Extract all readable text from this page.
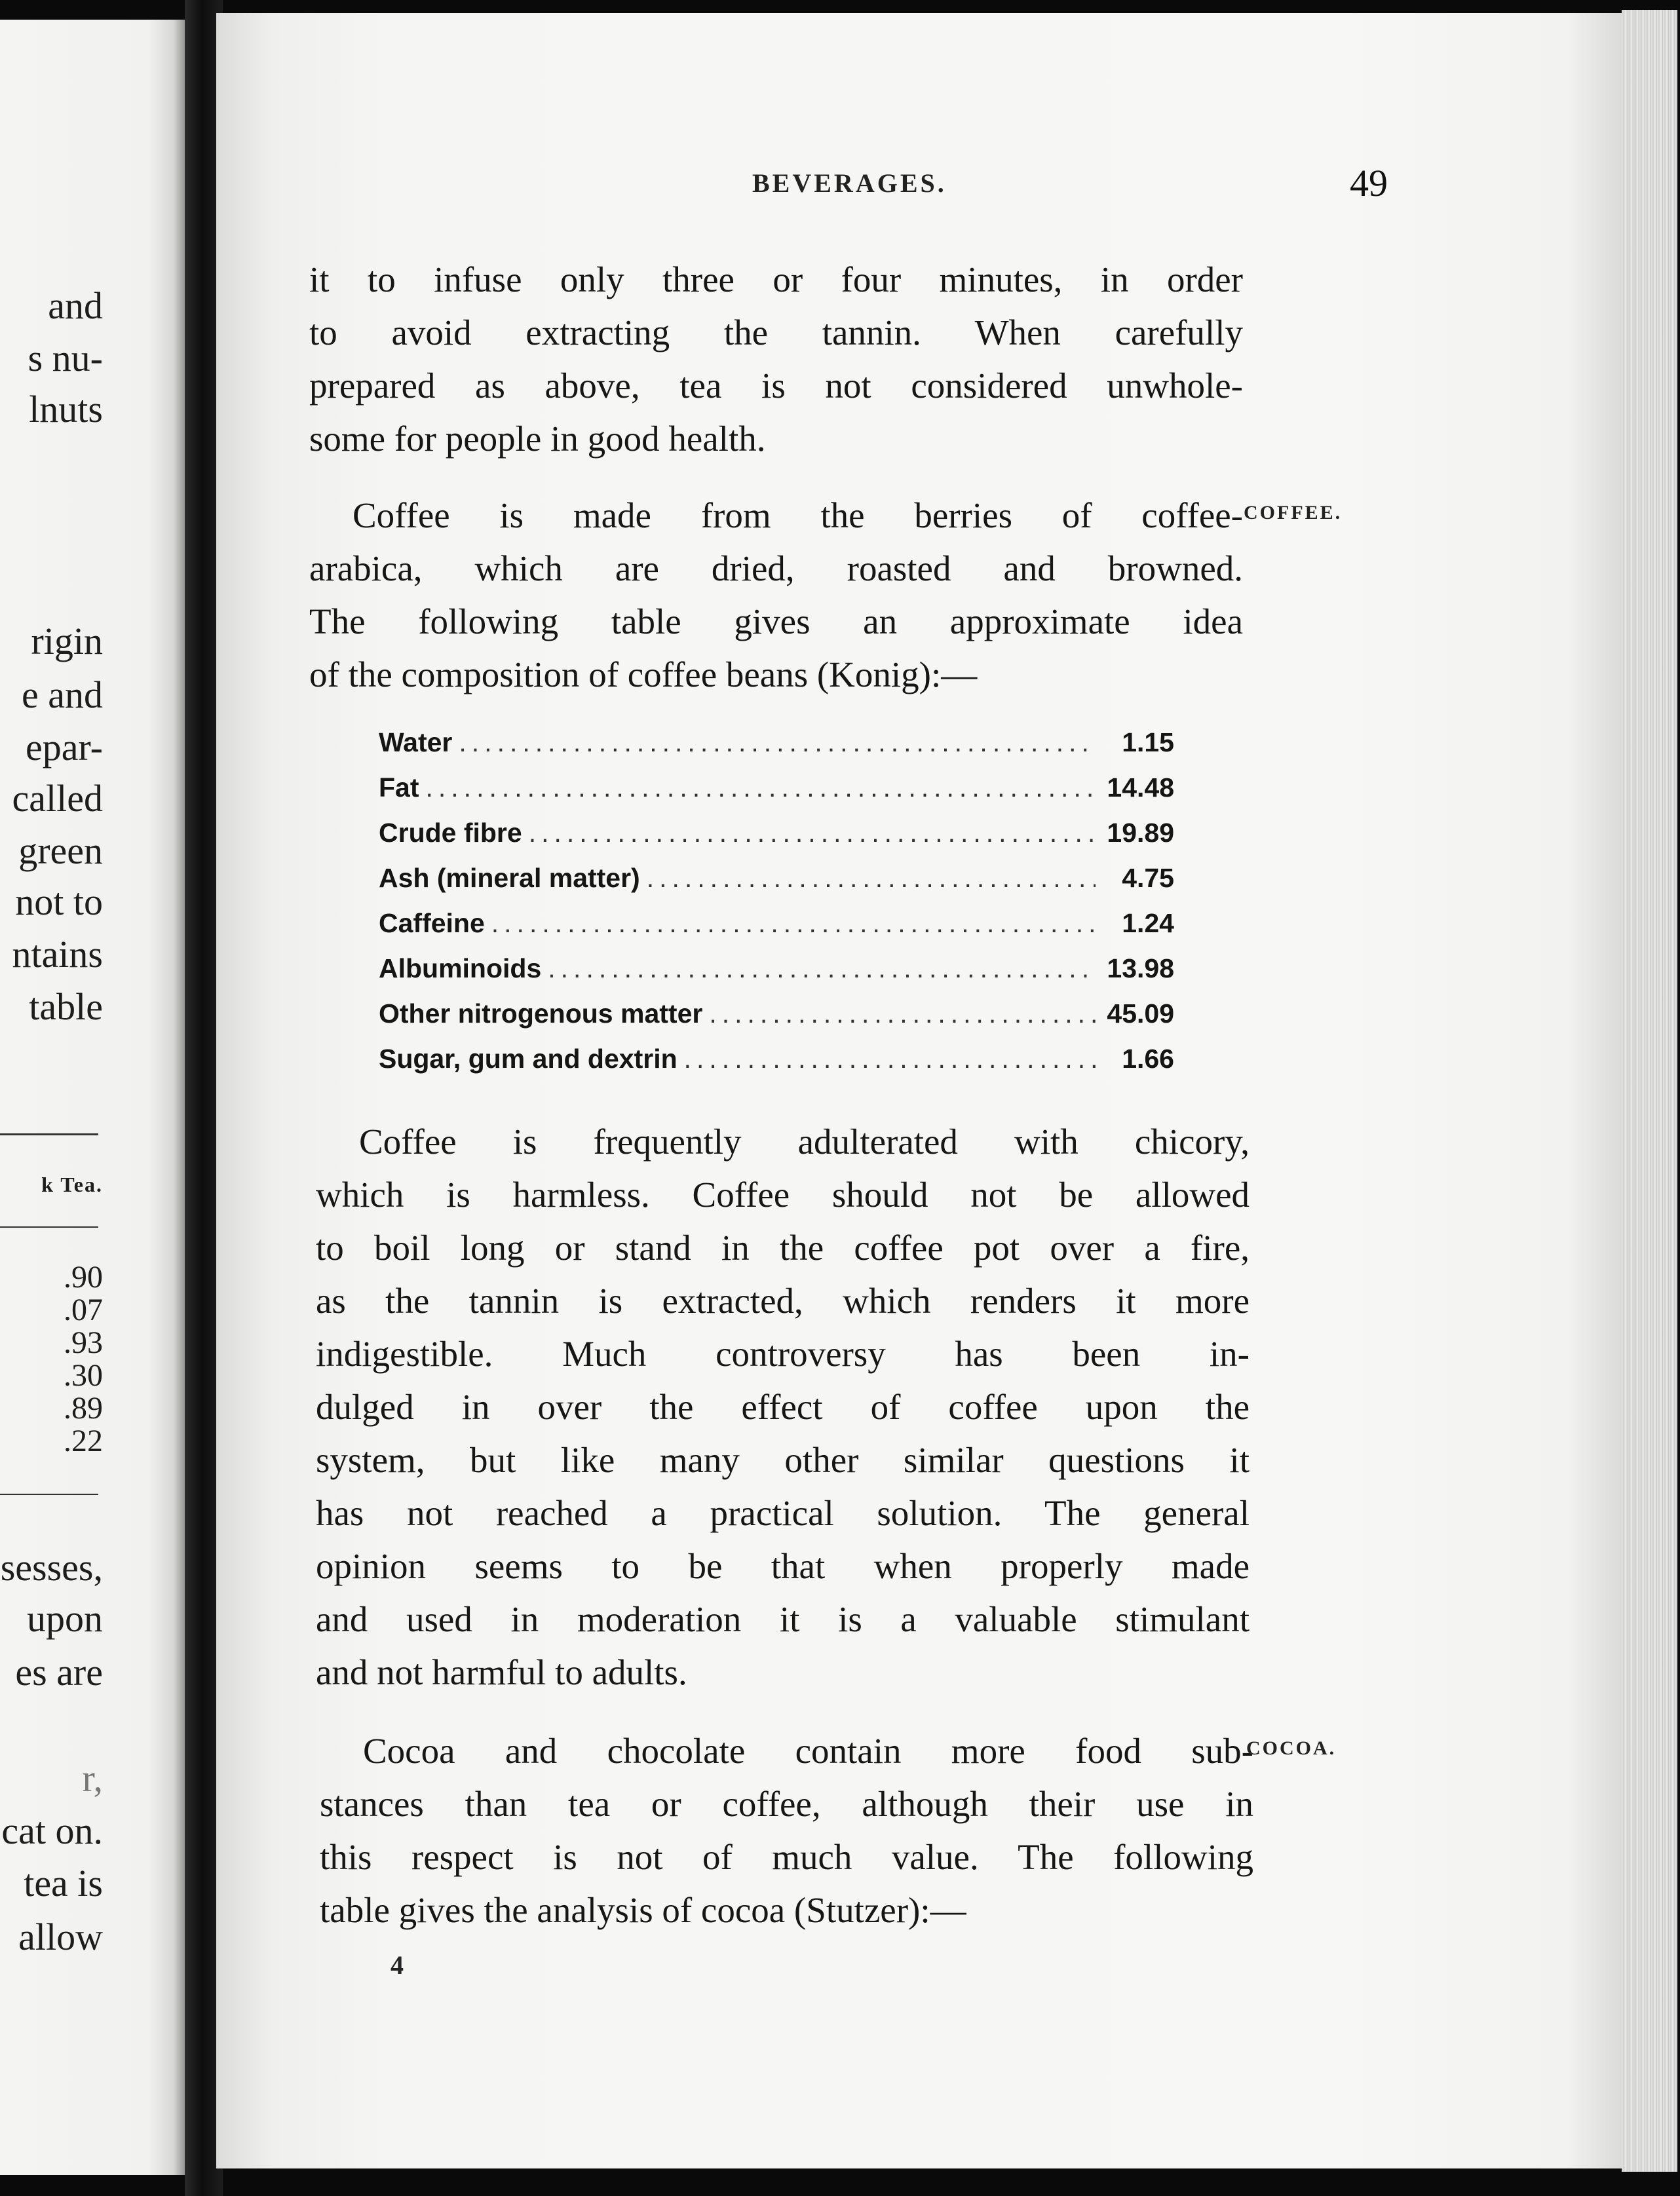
and
s nu-
lnuts
rigin
e and
epar-
called
green
not to
ntains
table
k Tea.
.90
.07
.93
.30
.89
.22
sesses,
upon
es are
r,
cat on.
tea is
allow
BEVERAGES.	49
it to infuse only three or four minutes, in order
to avoid extracting the tannin. When carefully
prepared as above, tea is not considered unwhole-
some for people in good health.
Coffee is made from the berries of coffee-
arabica, which are dried, roasted and browned.
The following table gives an approximate idea
of the composition of coffee beans (Konig):—
COFFEE.
Water .....	1.15
Fat .....	14.48
Crude fibre .....	19.89
Ash (mineral matter) .....	4.75
Caffeine .....	1.24
Albuminoids .....	13.98
Other nitrogenous matter .....	45.09
Sugar, gum and dextrin .....	1.66
Coffee is frequently adulterated with chicory,
which is harmless. Coffee should not be allowed
to boil long or stand in the coffee pot over a fire,
as the tannin is extracted, which renders it more
indigestible. Much controversy has been in-
dulged in over the effect of coffee upon the
system, but like many other similar questions it
has not reached a practical solution. The general
opinion seems to be that when properly made
and used in moderation it is a valuable stimulant
and not harmful to adults.
Cocoa and chocolate contain more food sub-
stances than tea or coffee, although their use in
this respect is not of much value. The following
table gives the analysis of cocoa (Stutzer):—
COCOA.
4
